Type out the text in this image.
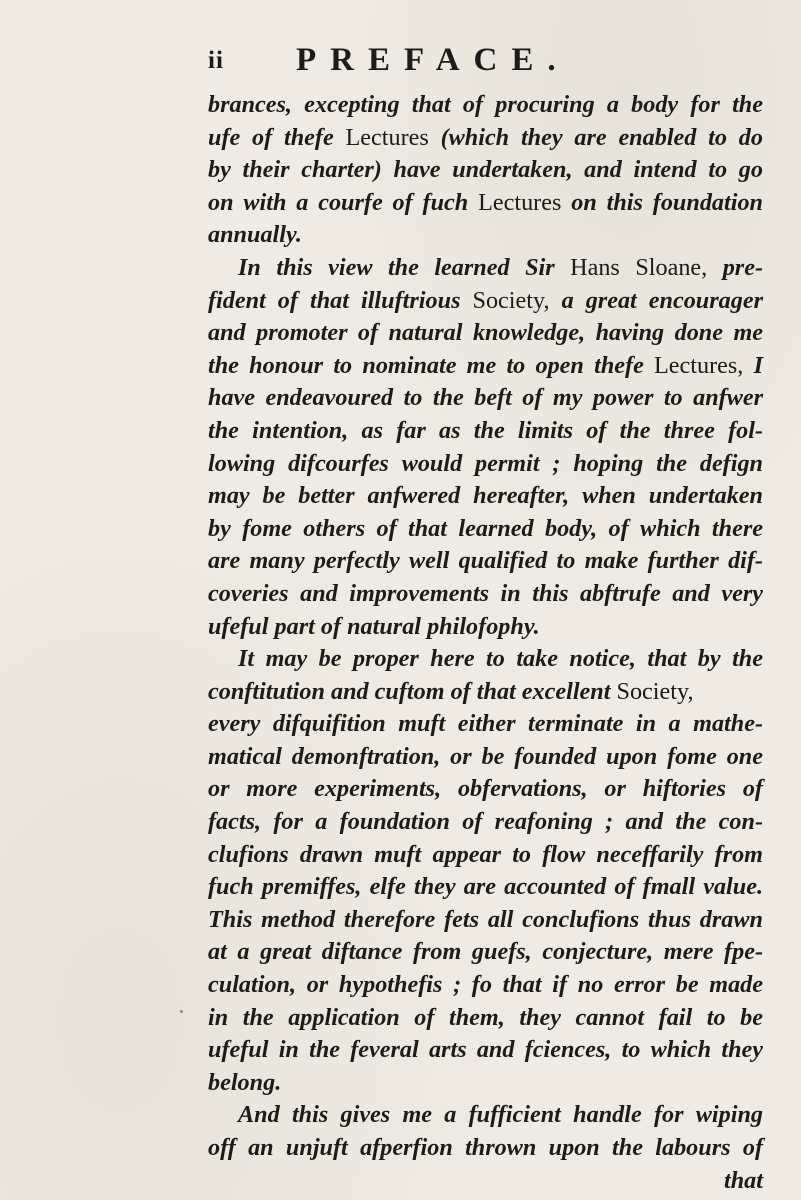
ii PREFACE.
brances, excepting that of procuring a body for the
ufe of thefe Lectures (which they are enabled to do
by their charter) have undertaken, and intend to go
on with a courfe of fuch Lectures on this foundation
annually.
In this view the learned Sir Hans Sloane, pre-
fident of that illuftrious Society, a great encourager
and promoter of natural knowledge, having done me
the honour to nominate me to open thefe Lectures, I
have endeavoured to the beft of my power to anfwer
the intention, as far as the limits of the three fol-
lowing difcourfes would permit ; hoping the defign
may be better anfwered hereafter, when undertaken
by fome others of that learned body, of which there
are many perfectly well qualified to make further dif-
coveries and improvements in this abftrufe and very
ufeful part of natural philofophy.
It may be proper here to take notice, that by the
conftitution and cuftom of that excellent Society,
every difquifition muft either terminate in a mathe-
matical demonftration, or be founded upon fome one
or more experiments, obfervations, or hiftories of
facts, for a foundation of reafoning ; and the con-
clufions drawn muft appear to flow neceffarily from
fuch premiffes, elfe they are accounted of fmall value.
This method therefore fets all conclufions thus drawn
at a great diftance from guefs, conjecture, mere fpe-
culation, or hypothefis ; fo that if no error be made
in the application of them, they cannot fail to be
ufeful in the feveral arts and fciences, to which they
belong.
And this gives me a fufficient handle for wiping
off an unjuft afperfion thrown upon the labours of
that
